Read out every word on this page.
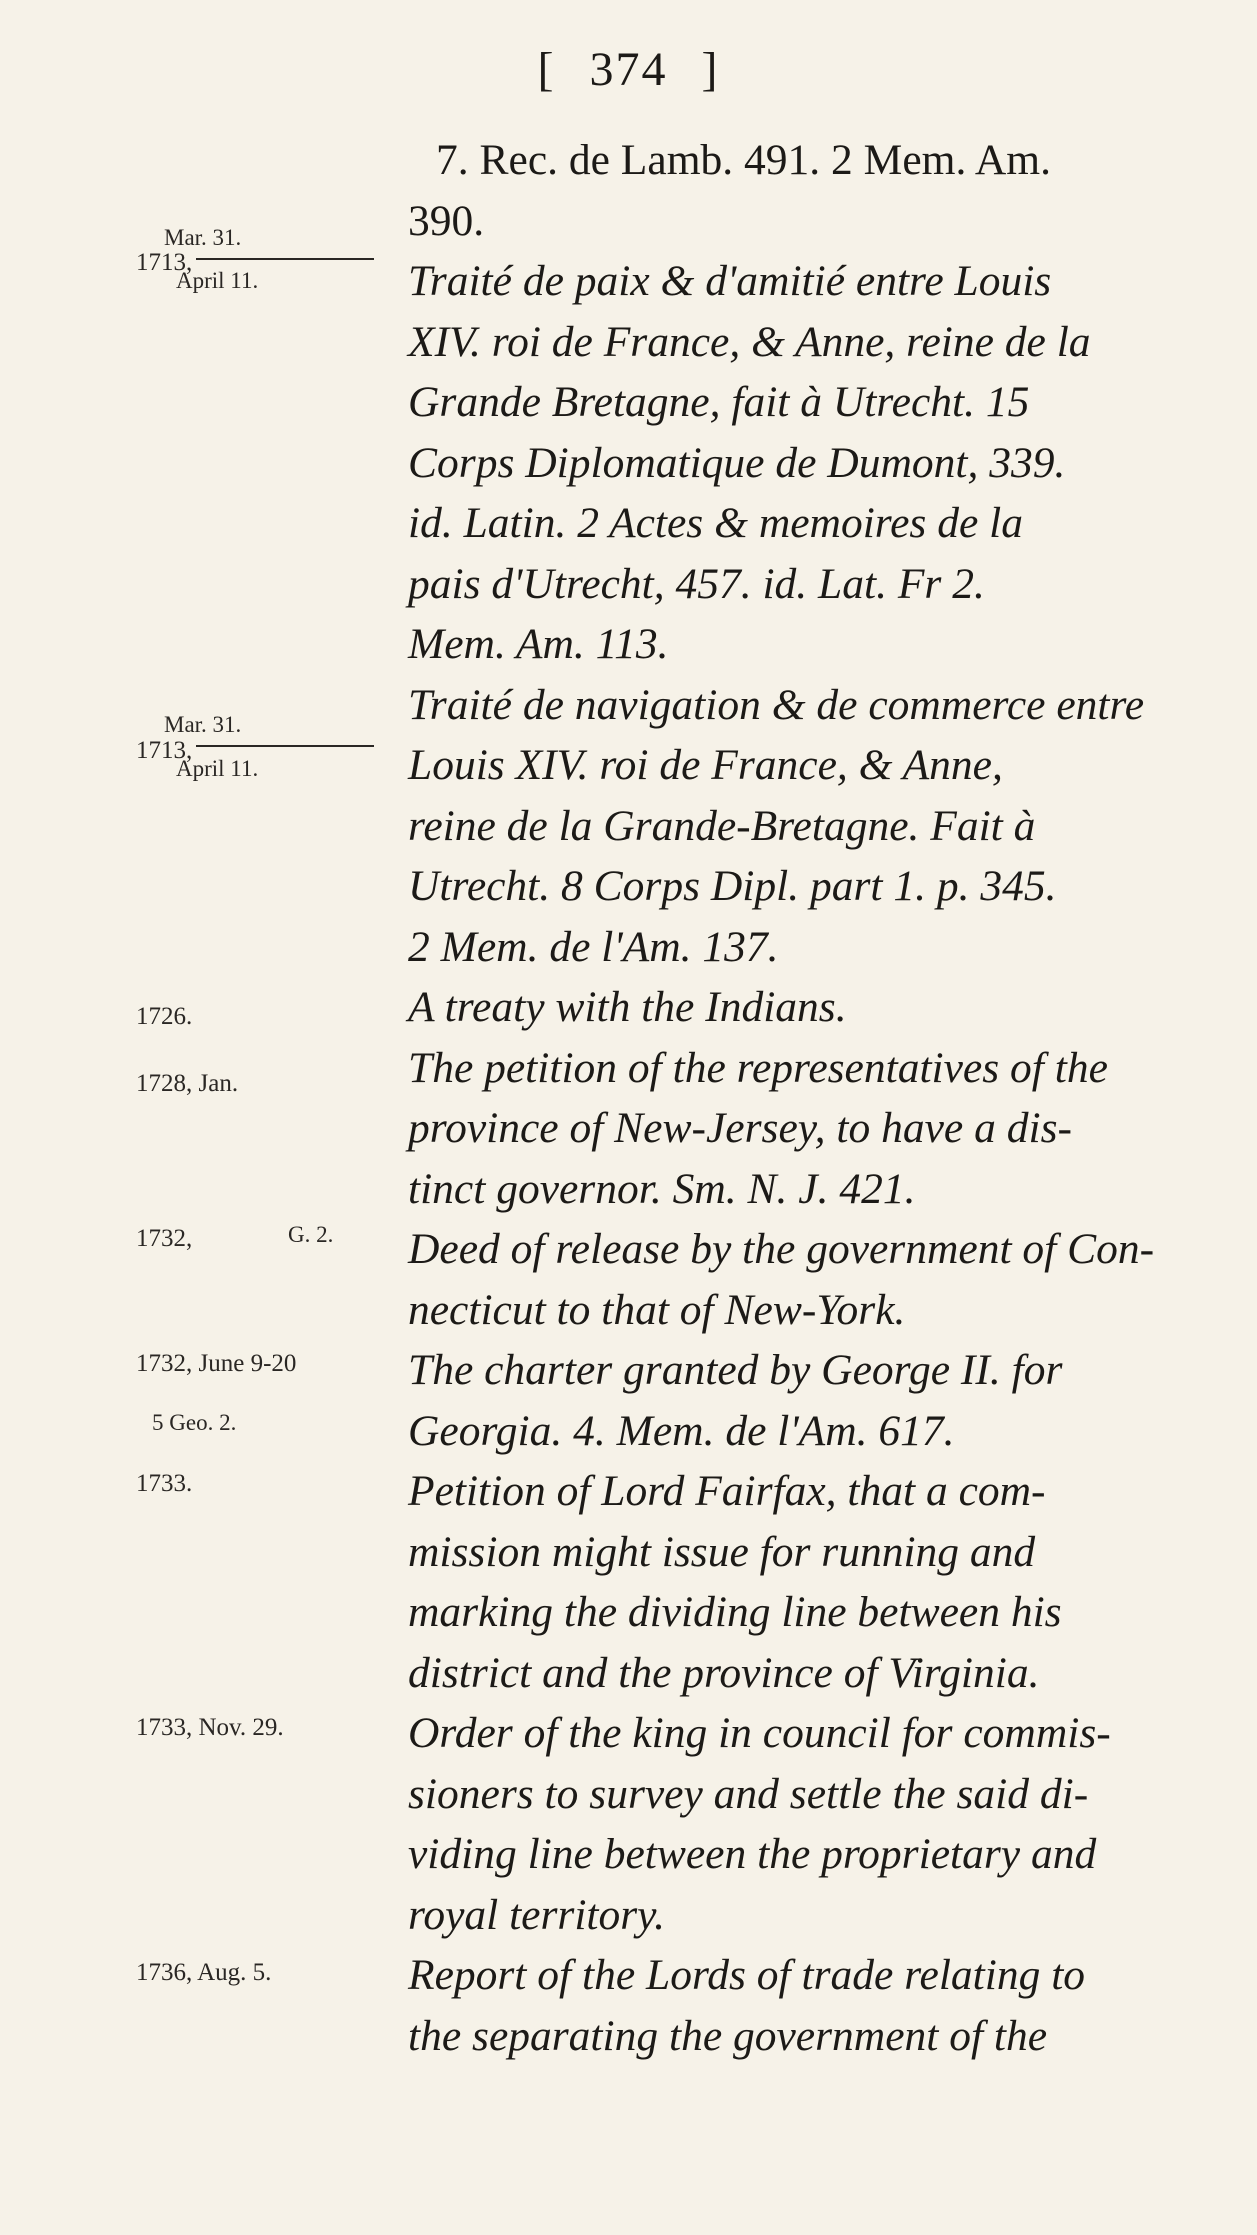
[ 374 ]
Mar. 31.
1713,
April 11.
Mar. 31.
1713,
April 11.
1726.
1728, Jan.
1732,	G. 2.
1732, June 9-20
5 Geo. 2.
1733.
1733, Nov. 29.
1736, Aug. 5.
7. Rec. de Lamb. 491. 2 Mem. Am.
390.
Traité de paix & d'amitié entre Louis
XIV. roi de France, & Anne, reine de la
Grande Bretagne, fait à Utrecht. 15
Corps Diplomatique de Dumont, 339.
id. Latin. 2 Actes & memoires de la
pais d'Utrecht, 457. id. Lat. Fr 2.
Mem. Am. 113.
Traité de navigation & de commerce entre
Louis XIV. roi de France, & Anne,
reine de la Grande-Bretagne. Fait à
Utrecht. 8 Corps Dipl. part 1. p. 345.
2 Mem. de l'Am. 137.
A treaty with the Indians.
The petition of the representatives of the
province of New-Jersey, to have a dis-
tinct governor. Sm. N. J. 421.
Deed of release by the government of Con-
necticut to that of New-York.
The charter granted by George II. for
Georgia. 4. Mem. de l'Am. 617.
Petition of Lord Fairfax, that a com-
mission might issue for running and
marking the dividing line between his
district and the province of Virginia.
Order of the king in council for commis-
sioners to survey and settle the said di-
viding line between the proprietary and
royal territory.
Report of the Lords of trade relating to
the separating the government of the
